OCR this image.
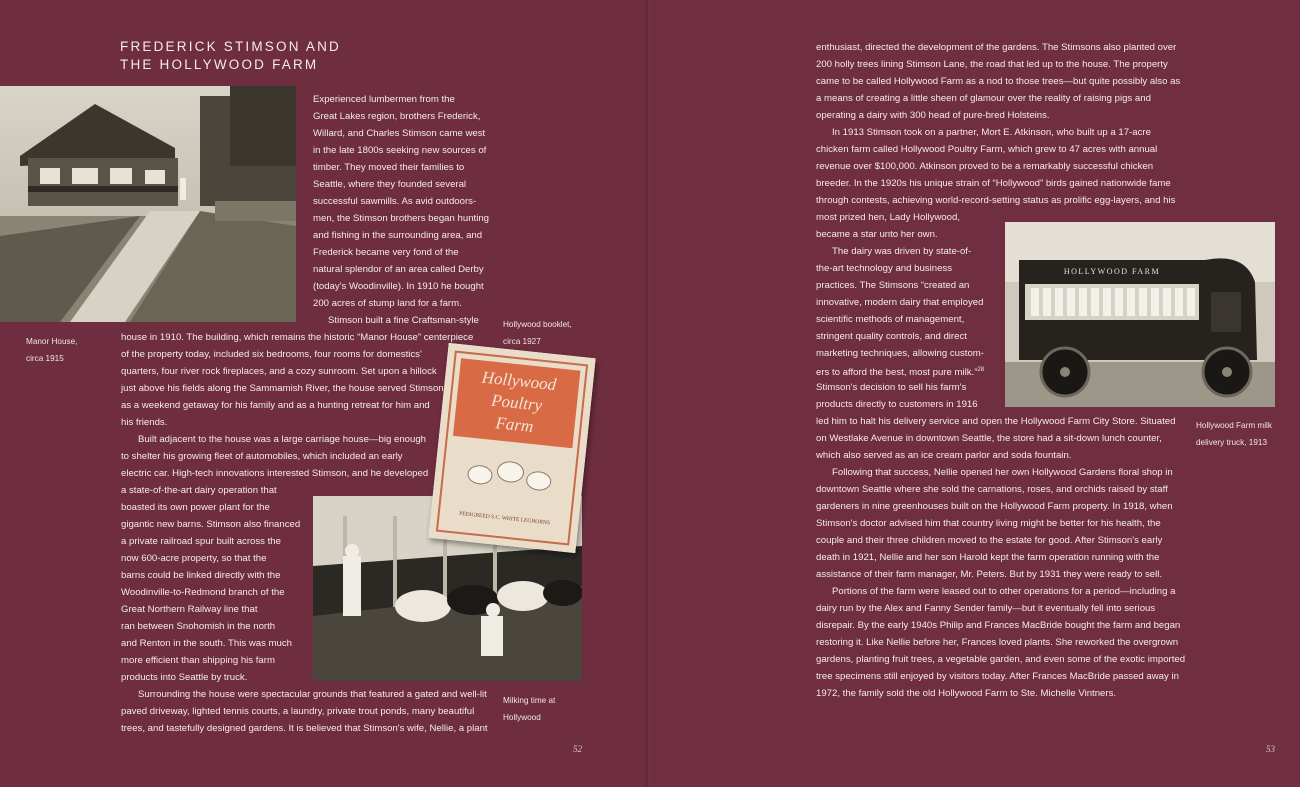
FREDERICK STIMSON AND
THE HOLLYWOOD FARM
Manor House,
circa 1915
Hollywood booklet,
circa 1927
Milking time at
Hollywood
Hollywood
Poultry
Farm
PEDIGREED S.C. WHITE LEGHORNS
Experienced lumbermen from the
Great Lakes region, brothers Frederick,
Willard, and Charles Stimson came west
in the late 1800s seeking new sources of
timber. They moved their families to
Seattle, where they founded several
successful sawmills. As avid outdoors-
men, the Stimson brothers began hunting
and fishing in the surrounding area, and
Frederick became very fond of the
natural splendor of an area called Derby
(today's Woodinville). In 1910 he bought
200 acres of stump land for a farm.
Stimson built a fine Craftsman-style
house in 1910. The building, which remains the historic “Manor House” centerpiece
of the property today, included six bedrooms, four rooms for domestics'
quarters, four river rock fireplaces, and a cozy sunroom. Set upon a hillock
just above his fields along the Sammamish River, the house served Stimson
as a weekend getaway for his family and as a hunting retreat for him and
his friends.
Built adjacent to the house was a large carriage house—big enough
to shelter his growing fleet of automobiles, which included an early
electric car. High-tech innovations interested Stimson, and he developed
a state-of-the-art dairy operation that
boasted its own power plant for the
gigantic new barns. Stimson also financed
a private railroad spur built across the
now 600-acre property, so that the
barns could be linked directly with the
Woodinville-to-Redmond branch of the
Great Northern Railway line that
ran between Snohomish in the north
and Renton in the south. This was much
more efficient than shipping his farm
products into Seattle by truck.
Surrounding the house were spectacular grounds that featured a gated and well-lit
paved driveway, lighted tennis courts, a laundry, private trout ponds, many beautiful
trees, and tastefully designed gardens. It is believed that Stimson's wife, Nellie, a plant
52
HOLLYWOOD FARM
Hollywood Farm milk
delivery truck, 1913
enthusiast, directed the development of the gardens. The Stimsons also planted over
200 holly trees lining Stimson Lane, the road that led up to the house. The property
came to be called Hollywood Farm as a nod to those trees—but quite possibly also as
a means of creating a little sheen of glamour over the reality of raising pigs and
operating a dairy with 300 head of pure-bred Holsteins.
In 1913 Stimson took on a partner, Mort E. Atkinson, who built up a 17-acre
chicken farm called Hollywood Poultry Farm, which grew to 47 acres with annual
revenue over $100,000. Atkinson proved to be a remarkably successful chicken
breeder. In the 1920s his unique strain of “Hollywood” birds gained nationwide fame
through contests, achieving world-record-setting status as prolific egg-layers, and his
most prized hen, Lady Hollywood,
became a star unto her own.
The dairy was driven by state-of-
the-art technology and business
practices. The Stimsons “created an
innovative, modern dairy that employed
scientific methods of management,
stringent quality controls, and direct
marketing techniques, allowing custom-
ers to afford the best, most pure milk.”$^{28}$
Stimson's decision to sell his farm's
products directly to customers in 1916
led him to halt his delivery service and open the Hollywood Farm City Store. Situated
on Westlake Avenue in downtown Seattle, the store had a sit-down lunch counter,
which also served as an ice cream parlor and soda fountain.
Following that success, Nellie opened her own Hollywood Gardens floral shop in
downtown Seattle where she sold the carnations, roses, and orchids raised by staff
gardeners in nine greenhouses built on the Hollywood Farm property. In 1918, when
Stimson's doctor advised him that country living might be better for his health, the
couple and their three children moved to the estate for good. After Stimson's early
death in 1921, Nellie and her son Harold kept the farm operation running with the
assistance of their farm manager, Mr. Peters. But by 1931 they were ready to sell.
Portions of the farm were leased out to other operations for a period—including a
dairy run by the Alex and Fanny Sender family—but it eventually fell into serious
disrepair. By the early 1940s Philip and Frances MacBride bought the farm and began
restoring it. Like Nellie before her, Frances loved plants. She reworked the overgrown
gardens, planting fruit trees, a vegetable garden, and even some of the exotic imported
tree specimens still enjoyed by visitors today. After Frances MacBride passed away in
1972, the family sold the old Hollywood Farm to Ste. Michelle Vintners.
53
